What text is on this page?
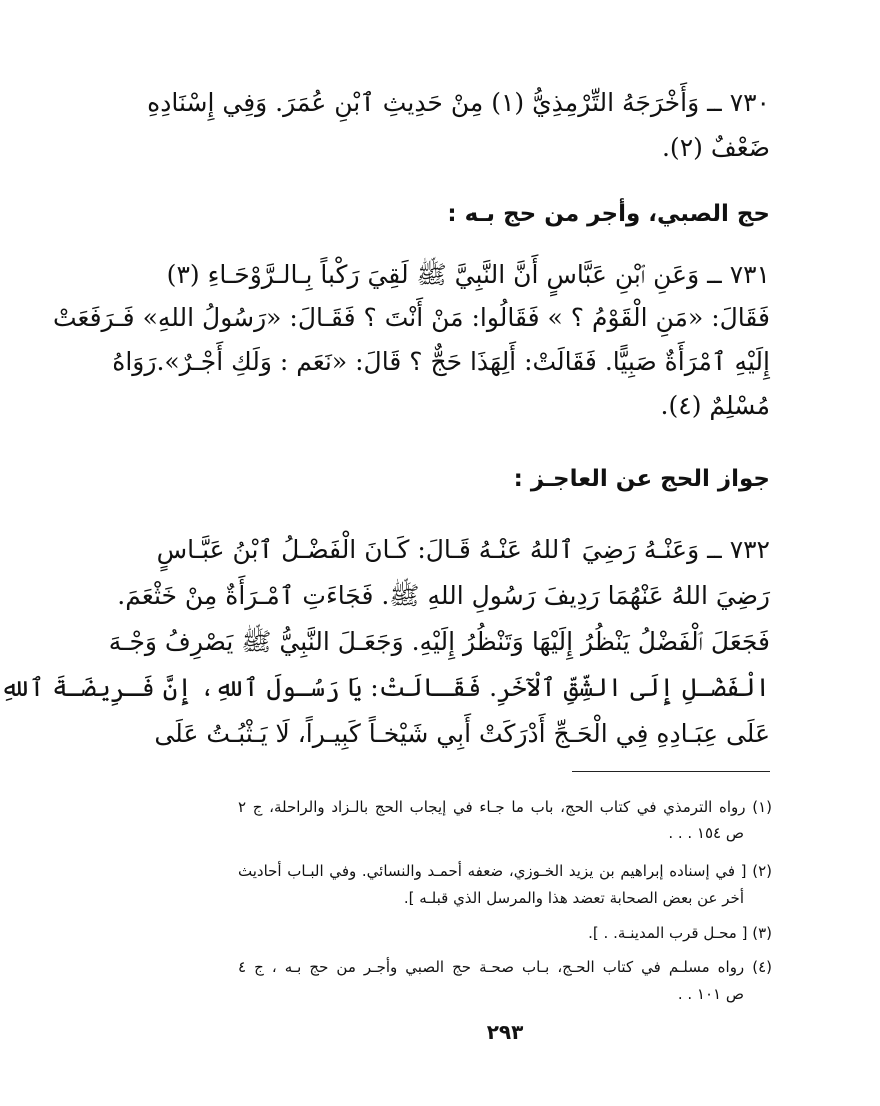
٧٣٠ ــ وَأَخْرَجَهُ التِّرْمِذِيُّ (١) مِنْ حَدِيثِ ٱبْنِ عُمَرَ. وَفِي إِسْنَادِهِ
ضَعْفٌ (٢).
حج الصبي، وأجر من حج بـه :
٧٣١ ــ وَعَنِ ٱبْنِ عَبَّاسٍ أَنَّ النَّبِيَّ ﷺ لَقِيَ رَكْباً بِـالـرَّوْحَـاءِ (٣)
فَقَالَ: «مَنِ الْقَوْمُ ؟ » فَقَالُوا: مَنْ أَنْتَ ؟ فَقَـالَ: «رَسُولُ اللهِ» فَـرَفَعَتْ
إِلَيْهِ ٱمْرَأَةٌ صَبِيًّا. فَقَالَتْ: أَلِهَذَا حَجٌّ ؟ قَالَ: «نَعَم : وَلَكِ أَجْـرٌ».رَوَاهُ
مُسْلِمٌ (٤).
جواز الحج عن العاجـز :
٧٣٢ ــ وَعَنْـهُ رَضِيَ ٱللهُ عَنْـهُ قَـالَ: كَـانَ الْفَضْـلُ ٱبْنُ عَبَّـاسٍ
رَضِيَ اللهُ عَنْهُمَا رَدِيفَ رَسُولِ اللهِ ﷺ. فَجَاءَتِ ٱمْـرَأَةٌ مِنْ خَثْعَمَ.
فَجَعَلَ ٱلْفَضْلُ يَنْظُرُ إِلَيْهَا وَتَنْظُرُ إِلَيْهِ. وَجَعَـلَ النَّبِيُّ ﷺ يَصْرِفُ وَجْـهَ
الْفَضْـلِ إِلَى الشِّقِّ ٱلْآخَرِ. فَقَـالَتْ: يَا رَسُـولَ ٱللهِ، إِنَّ فَـرِيضَـةَ ٱللهِ
عَلَى عِبَـادِهِ فِي الْحَـجِّ أَدْرَكَتْ أَبِي شَيْخـاً كَبِيـراً، لَا يَـثْبُـتُ عَلَى
(١) رواه الترمذي في كتاب الحج، باب ما جـاء في إيجاب الحج بالـزاد والراحلة، ج ٢
ص ١٥٤ . . .
(٢) [ في إسناده إبراهيم بن يزيد الخـوزي، ضعفه أحمـد والنسائي. وفي البـاب أحاديث
أخر عن بعض الصحابة تعضد هذا والمرسل الذي قبلـه ].
(٣) [ محـل قرب المدينـة. . ].
(٤) رواه مسلـم في كتاب الحـج، بـاب صحـة حج الصبي وأجـر من حج بـه ، ج ٤
ص ١٠١ . .
٢٩٣
